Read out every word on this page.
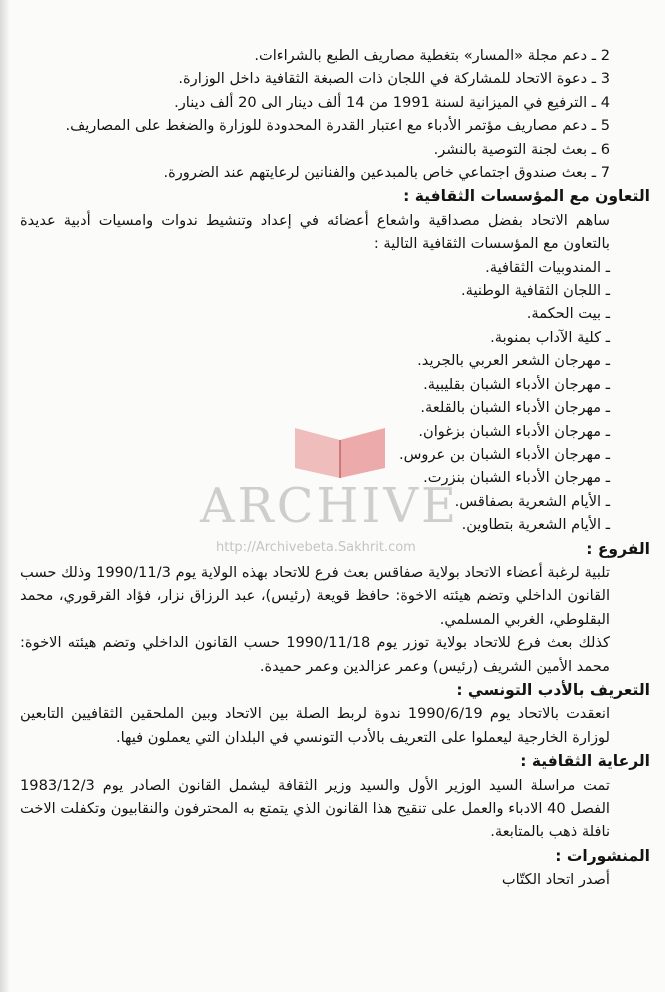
2 ـ دعم مجلة «المسار» بتغطية مصاريف الطبع بالشراءات.
3 ـ دعوة الاتحاد للمشاركة في اللجان ذات الصبغة الثقافية داخل الوزارة.
4 ـ الترفيع في الميزانية لسنة 1991 من 14 ألف دينار الى 20 ألف دينار.
5 ـ دعم مصاريف مؤتمر الأدباء مع اعتبار القدرة المحدودة للوزارة والضغط على المصاريف.
6 ـ بعث لجنة التوصية بالنشر.
7 ـ بعث صندوق اجتماعي خاص بالمبدعين والفنانين لرعايتهم عند الضرورة.
التعاون مع المؤسسات الثقافية :
ساهم الاتحاد بفضل مصداقية واشعاع أعضائه في إعداد وتنشيط ندوات وامسيات أدبية عديدة بالتعاون مع المؤسسات الثقافية التالية :
ـ المندوبيات الثقافية.
ـ اللجان الثقافية الوطنية.
ـ بيت الحكمة.
ـ كلية الآداب بمنوبة.
ـ مهرجان الشعر العربي بالجريد.
ـ مهرجان الأدباء الشبان بقليبية.
ـ مهرجان الأدباء الشبان بالقلعة.
ـ مهرجان الأدباء الشبان بزغوان.
ـ مهرجان الأدباء الشبان بن عروس.
ـ مهرجان الأدباء الشبان بنزرت.
ـ الأيام الشعرية بصفاقس.
ـ الأيام الشعرية بتطاوين.
الفروع :
تلبية لرغبة أعضاء الاتحاد بولاية صفاقس بعث فرع للاتحاد بهذه الولاية يوم 1990/11/3 وذلك حسب القانون الداخلي وتضم هيئته الاخوة: حافظ قويعة (رئيس)، عبد الرزاق نزار، فؤاد القرقوري، محمد البقلوطي، الغربي المسلمي.
كذلك بعث فرع للاتحاد بولاية توزر يوم 1990/11/18 حسب القانون الداخلي وتضم هيئته الاخوة: محمد الأمين الشريف (رئيس) وعمر عزالدين وعمر حميدة.
التعريف بالأدب التونسي :
انعقدت بالاتحاد يوم 1990/6/19 ندوة لربط الصلة بين الاتحاد وبين الملحقين الثقافيين التابعين لوزارة الخارجية ليعملوا على التعريف بالأدب التونسي في البلدان التي يعملون فيها.
الرعاية الثقافية :
تمت مراسلة السيد الوزير الأول والسيد وزير الثقافة ليشمل القانون الصادر يوم 1983/12/3 الفصل 40 الادباء والعمل على تنقيح هذا القانون الذي يتمتع به المحترفون والنقابيون وتكفلت الاخت نافلة ذهب بالمتابعة.
المنشورات :
أصدر اتحاد الكتّاب
ARCHIVE
http://Archivebeta.Sakhrit.com
